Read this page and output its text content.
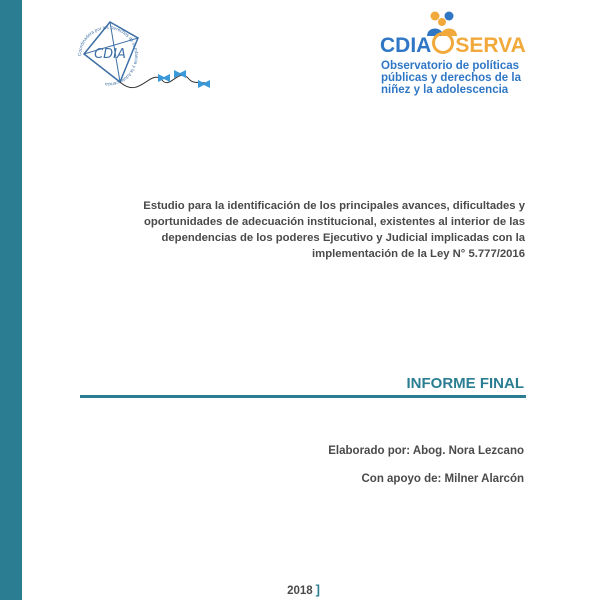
Coordinadora por los Derechos de la Infancia y la Adolescencia
CDIA	CDIA SERVA
Observatorio de políticas
públicas y derechos de la
niñez y la adolescencia
Estudio para la identificación de los principales avances, dificultades y
oportunidades de adecuación institucional, existentes al interior de las
dependencias de los poderes Ejecutivo y Judicial implicadas con la
implementación de la Ley N° 5.777/2016
INFORME FINAL
Elaborado por: Abog. Nora Lezcano
Con apoyo de: Milner Alarcón
2018 ]
